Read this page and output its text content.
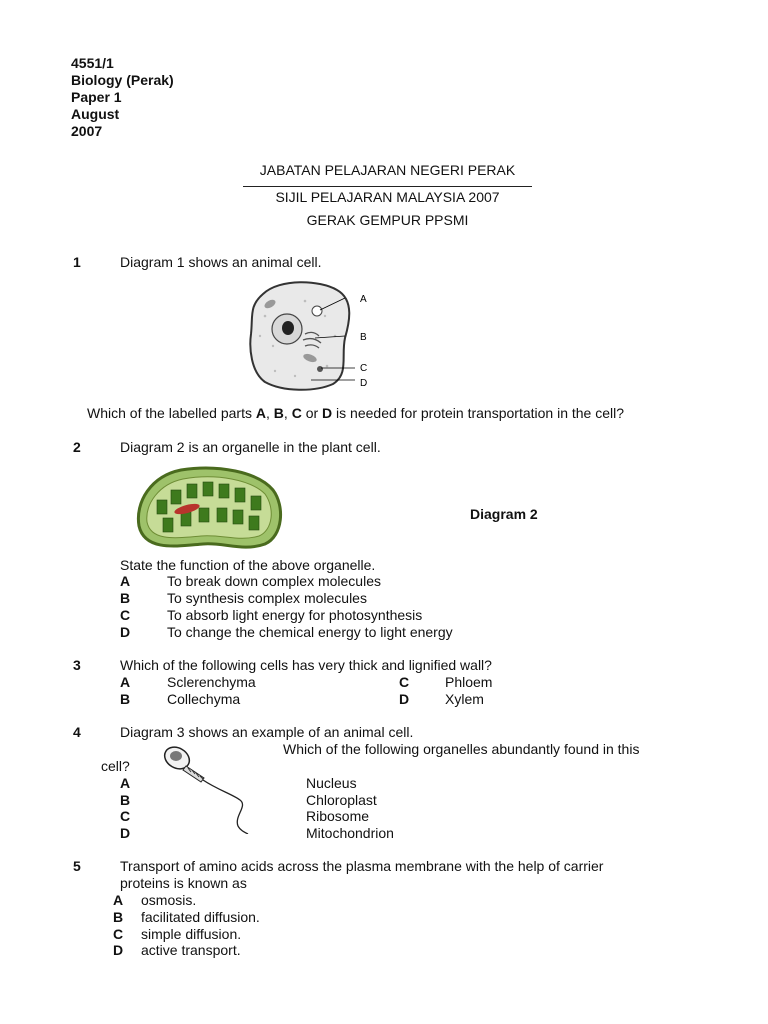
4551/1
Biology (Perak)
Paper 1
August
2007
JABATAN PELAJARAN NEGERI PERAK
SIJIL PELAJARAN MALAYSIA 2007
GERAK GEMPUR PPSMI
1	Diagram 1 shows an animal cell.
A
B
C
D
Which of the labelled parts A, B, C or D is needed for protein transportation in the cell?
2	Diagram 2 is an organelle in the plant cell.
Diagram 2
State the function of the above organelle.
A	To break down complex molecules
B	To synthesis complex molecules
C	To absorb light energy for photosynthesis
D	To change the chemical energy to light energy
3	Which of the following cells has very thick and lignified wall?
A	Sclerenchyma
B	Collechyma
C	Phloem
D	Xylem
4	Diagram 3 shows an example of an animal cell.
Which of the following organelles abundantly found in this
cell?
A	Nucleus
B	Chloroplast
C	Ribosome
D	Mitochondrion
5	Transport of amino acids across the plasma membrane with the help of carrier
proteins is known as
A osmosis.
B facilitated diffusion.
C simple diffusion.
D active transport.
